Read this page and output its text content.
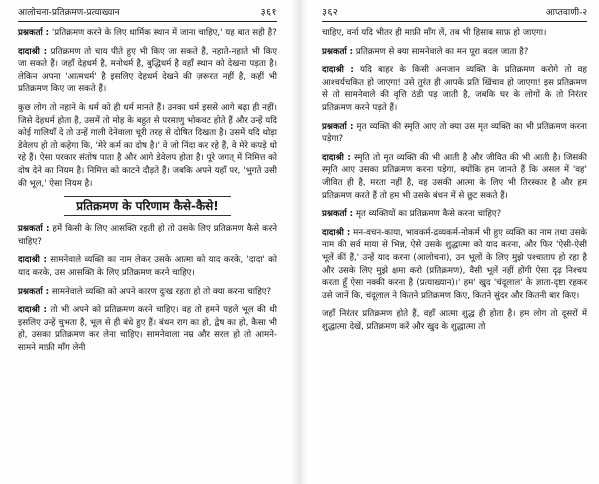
आलोचना-प्रतिक्रमण-प्रत्याख्यान	३६१

प्रश्नकर्ता : 'प्रतिक्रमण करने के लिए धार्मिक स्थान में जाना चाहिए,' यह बात सही है?

दादाश्री : प्रतिक्रमण तो चाय पीते हुए भी किए जा सकते हैं, नहाते-नहाते भी किए जा सकते हैं। जहाँ देहधर्म है, मनोधर्म है, बुद्धिधर्म है वहाँ स्थान को देखना पड़ता है। लेकिन अपना 'आत्मधर्म' है इसलिए देहधर्म देखने की ज़रूरत नहीं है, कहीं भी प्रतिक्रमण किए जा सकते हैं।

कुछ लोग तो नहाने के धर्म को ही धर्म मानते हैं। उनका धर्म इससे आगे बढ़ा ही नहीं। जिसे देहधर्म होता है, उसमें तो मोह के बहुत से परमाणु भोकवट होते हैं और उन्हें यदि कोई गालियाँ दे तो उन्हें गाली देनेवाला चूरी तरह से दोषित दिखता है। उसमें यदि थोड़ा डेवेलप हो तो कहेगा कि, 'मेरे कर्म का दोष है।' वे जो निंदा कर रहे हैं, वे मेरे कपड़े धो रहे हैं। ऐसा परकार संतोष पाता है और आगे डेवेलप होता है। पूरे जगत् में निमित्त को दोष देने का नियम है। निमित्त को काटने दौड़ते हैं। जबकि अपने यहाँ पर, 'भुगते उसी की भूल,' ऐसा नियम है।

प्रतिक्रमण के परिणाम कैसे-कैसे!

प्रश्नकर्ता : हमें किसी के लिए आसक्ति रहती हो तो उसके लिए प्रतिक्रमण कैसे करने चाहिए?

दादाश्री : सामनेवाले व्यक्ति का नाम लेकर उसके आत्मा को याद करके, 'दादा' को याद करके, उस आसक्ति के लिए प्रतिक्रमण करने चाहिए।

प्रश्नकर्ता : सामनेवाले व्यक्ति को अपने कारण दुःख रहता हो तो क्या करना चाहिए?

दादाश्री : तो भी अपने को प्रतिक्रमण करने चाहिए। वह तो हमने पहले भूल की थी इसलिए उन्हें चुभता है, भूल से ही बंधे हुए हैं। बंधन राग का हो, द्वेष का हो, कैसा भी हो, उसका प्रतिक्रमण कर लेना चाहिए। सामनेवाला नम्र और सरल हो तो आमने-सामने माफ़ी माँग लेनी

३६२	आप्तवाणी-२

चाहिए, वर्ना यदि भीतर ही माफ़ी माँग लें, तब भी हिसाब साफ़ हो जाएगा।

प्रश्नकर्ता : प्रतिक्रमण से क्या सामनेवाले का मन पूरा बदल जाता है?

दादाश्री : यदि बाहर के किसी अनजान व्यक्ति के प्रतिक्रमण करोगे तो वह आश्चर्यचकित हो जाएगा! उसे तुरंत ही आपके प्रति खिंचाव हो जाएगा! इस प्रतिक्रमण से तो सामनेवाले की वृत्ति ठंडी पड़ जाती है, जबकि घर के लोगों के तो निरंतर प्रतिक्रमण करने पड़ते हैं।

प्रश्नकर्ता : मृत व्यक्ति की स्मृति आए तो क्या उस मृत व्यक्ति का भी प्रतिक्रमण करना पड़ेगा?

दादाश्री : स्मृति तो मृत व्यक्ति की भी आती है और जीवित की भी आती है। जिसकी स्मृति आए उसका प्रतिक्रमण करना पड़ेगा, क्योंकि हम जानते हैं कि असल में 'वह' जीवित ही है, मरता नहीं है, वह उसकी आत्मा के लिए भी तिरस्कार है और हम प्रतिक्रमण करते हैं तो हम भी उसके बंधन में से छूट सकते हैं।

प्रश्नकर्ता : मृत व्यक्तियों का प्रतिक्रमण कैसे करना चाहिए?

दादाश्री : मन-वचन-काया, भावकर्म-द्रव्यकर्म-नोकर्म भी हुए व्यक्ति का नाम तथा उसके नाम की सर्व माया से भिन्न, ऐसे उसके शुद्धात्मा को याद करना, और फिर 'ऐसी-ऐसी भूलें कीं हैं,' उन्हें याद करना (आलोचना), उन भूलों के लिए मुझे पश्चाताप हो रहा है और उसके लिए मुझे क्षमा करो (प्रतिक्रमण), वैसी भूलें नहीं होंगी ऐसा दृढ़ निश्चय करता हूँ ऐसा नक्की करना है (प्रत्याख्यान)।' हम' खुद 'चंदूलाल' के ज्ञाता-दृष्टा रहकर उसे जानें कि, चंदूलाल ने कितने प्रतिक्रमण किए, कितने सुंदर और कितनी बार किए।

जहाँ निरंतर प्रतिक्रमण होते हैं, वहाँ आत्मा शुद्ध ही होता है। हम लोग तो दूसरों में शुद्धात्मा देखें, प्रतिक्रमण करें और खुद के शुद्धात्मा तो
